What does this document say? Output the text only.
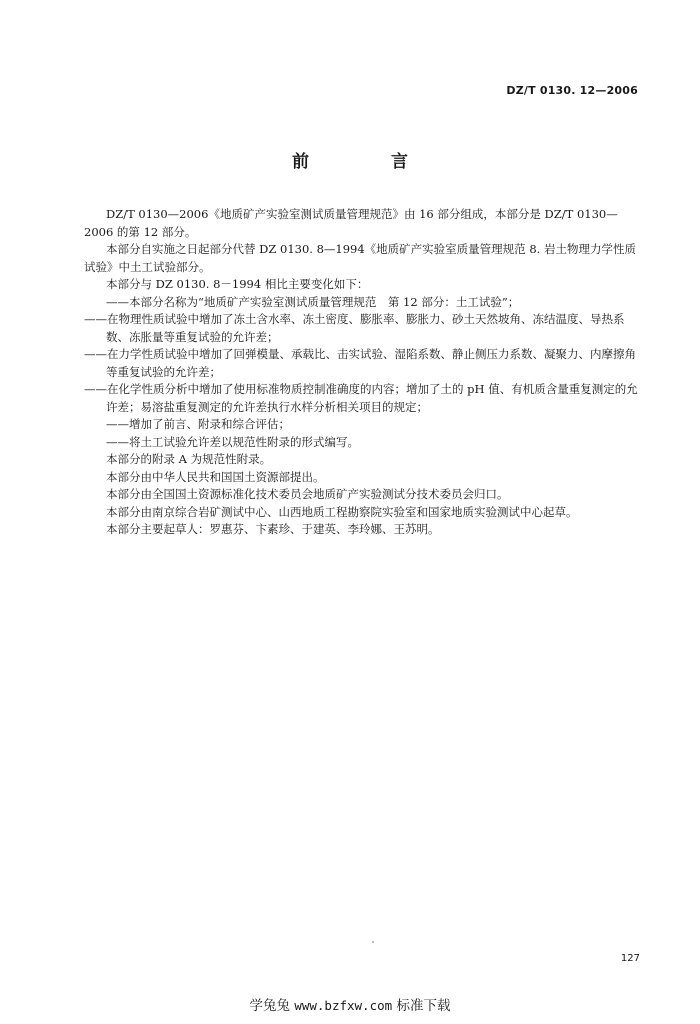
DZ/T 0130. 12—2006
前 言

DZ/T 0130—2006《地质矿产实验室测试质量管理规范》由 16 部分组成，本部分是 DZ/T 0130—2006 的第 12 部分。

本部分自实施之日起部分代替 DZ 0130. 8—1994《地质矿产实验室质量管理规范 8. 岩土物理力学性质试验》中土工试验部分。

本部分与 DZ 0130. 8－1994 相比主要变化如下：

——本部分名称为“地质矿产实验室测试质量管理规范　第 12 部分：土工试验”；

——在物理性质试验中增加了冻土含水率、冻土密度、膨胀率、膨胀力、砂土天然坡角、冻结温度、导热系数、冻胀量等重复试验的允许差；

——在力学性质试验中增加了回弹模量、承载比、击实试验、湿陷系数、静止侧压力系数、凝聚力、内摩擦角等重复试验的允许差；

——在化学性质分析中增加了使用标准物质控制准确度的内容；增加了土的 pH 值、有机质含量重复测定的允许差；易溶盐重复测定的允许差执行水样分析相关项目的规定；

——增加了前言、附录和综合评估；

——将土工试验允许差以规范性附录的形式编写。

本部分的附录 A 为规范性附录。

本部分由中华人民共和国国土资源部提出。

本部分由全国国土资源标准化技术委员会地质矿产实验测试分技术委员会归口。

本部分由南京综合岩矿测试中心、山西地质工程勘察院实验室和国家地质实验测试中心起草。

本部分主要起草人：罗惠芬、卞素珍、于建英、李玲娜、王苏明。

127
学兔兔 www.bzfxw.com 标准下载
